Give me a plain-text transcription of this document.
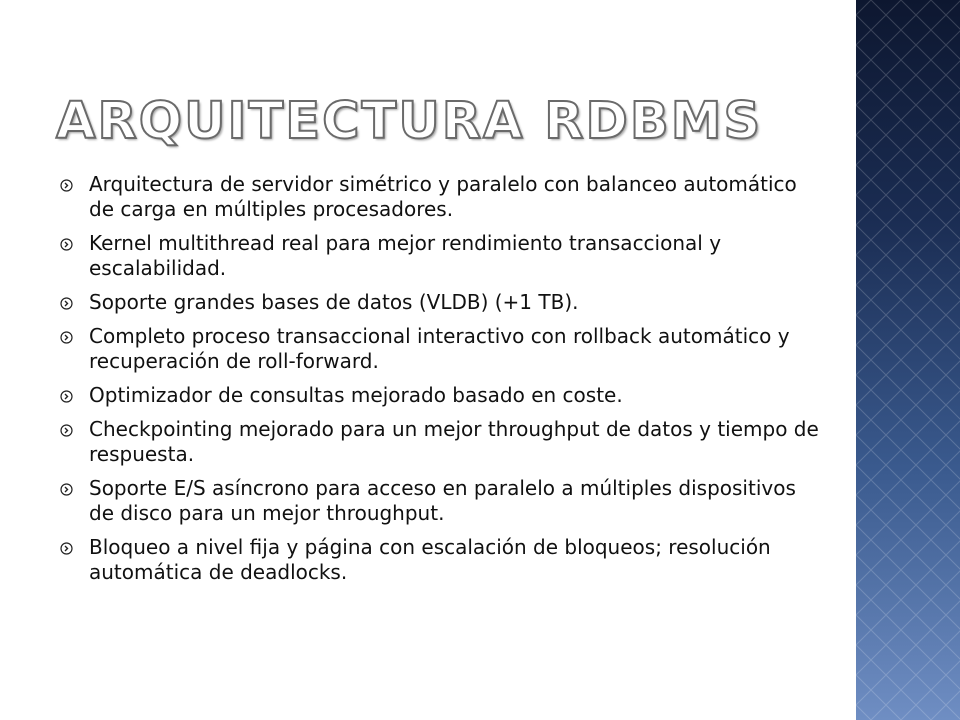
ARQUITECTURA RDBMS
Arquitectura de servidor simétrico y paralelo con balanceo automático de carga en múltiples procesadores.
Kernel multithread real para mejor rendimiento transaccional y escalabilidad.
Soporte grandes bases de datos (VLDB) (+1 TB).
Completo proceso transaccional interactivo con rollback automático y recuperación de roll-forward.
Optimizador de consultas mejorado basado en coste.
Checkpointing mejorado para un mejor throughput de datos y tiempo de respuesta.
Soporte E/S asíncrono para acceso en paralelo a múltiples dispositivos de disco para un mejor throughput.
Bloqueo a nivel fija y página con escalación de bloqueos; resolución automática de deadlocks.
